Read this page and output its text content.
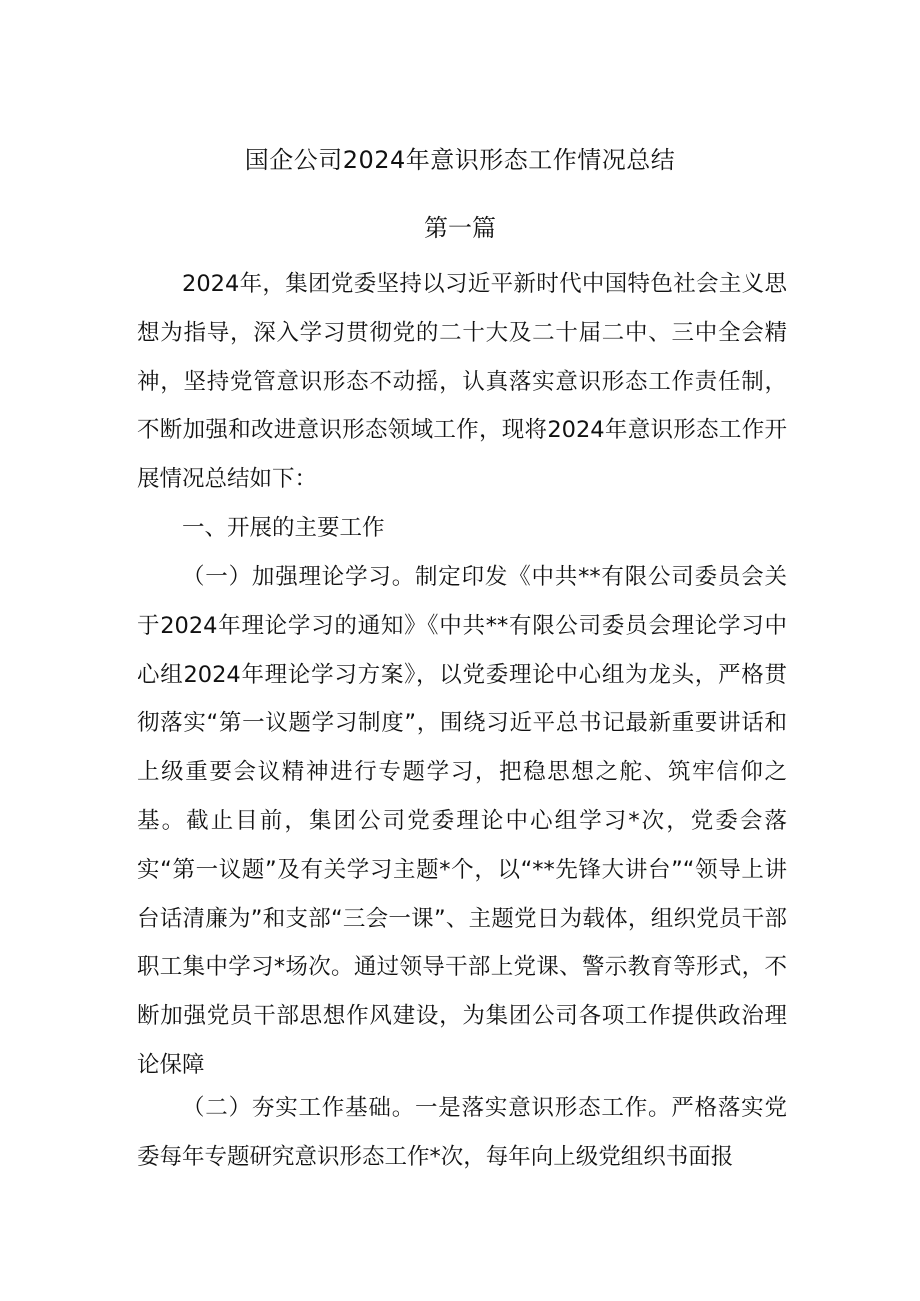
国企公司2024年意识形态工作情况总结
第一篇

2024年，集团党委坚持以习近平新时代中国特色社会主义思想为指导，深入学习贯彻党的二十大及二十届二中、三中全会精神，坚持党管意识形态不动摇，认真落实意识形态工作责任制，不断加强和改进意识形态领域工作，现将2024年意识形态工作开展情况总结如下：

一、开展的主要工作

（一）加强理论学习。制定印发《中共**有限公司委员会关于2024年理论学习的通知》《中共**有限公司委员会理论学习中心组2024年理论学习方案》，以党委理论中心组为龙头，严格贯彻落实“第一议题学习制度”，围绕习近平总书记最新重要讲话和上级重要会议精神进行专题学习，把稳思想之舵、筑牢信仰之基。截止目前，集团公司党委理论中心组学习*次，党委会落实“第一议题”及有关学习主题*个，以“**先锋大讲台”“领导上讲台话清廉为”和支部“三会一课”、主题党日为载体，组织党员干部职工集中学习*场次。通过领导干部上党课、警示教育等形式，不断加强党员干部思想作风建设，为集团公司各项工作提供政治理论保障

（二）夯实工作基础。一是落实意识形态工作。严格落实党委每年专题研究意识形态工作*次，每年向上级党组织书面报
